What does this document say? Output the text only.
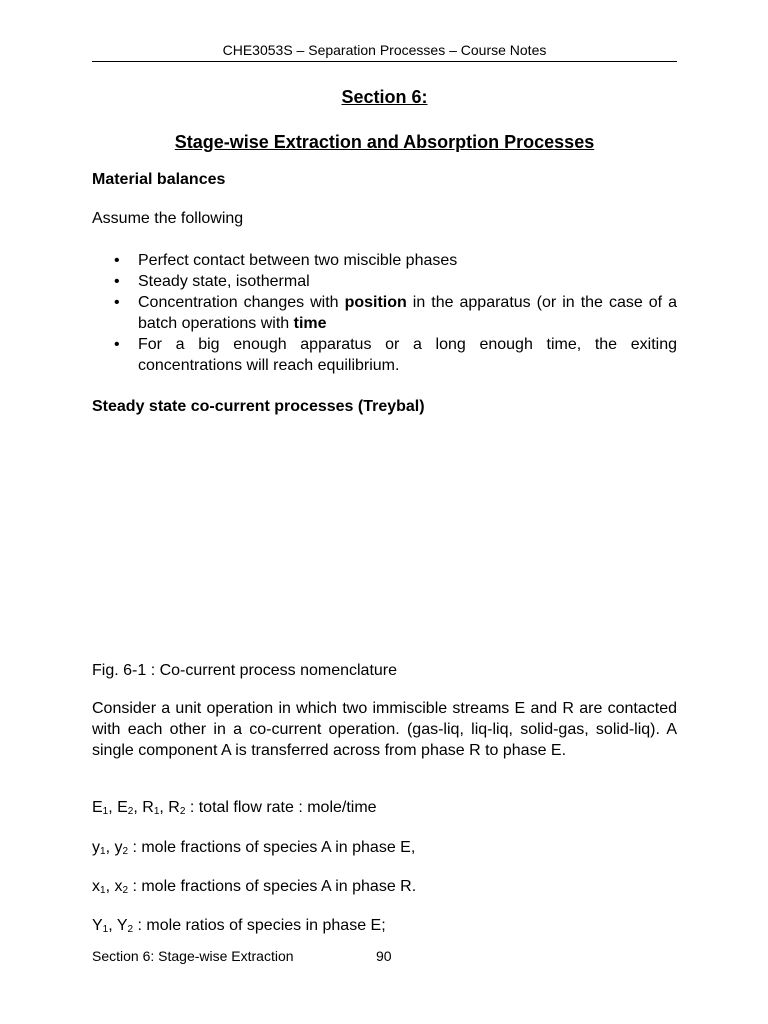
CHE3053S – Separation Processes – Course Notes
Section 6:
Stage-wise Extraction and Absorption Processes
Material balances
Assume the following
• Perfect contact between two miscible phases
• Steady state, isothermal
• Concentration changes with position in the apparatus (or in the case of a batch operations with time
• For a big enough apparatus or a long enough time, the exiting concentrations will reach equilibrium.
Steady state co-current processes (Treybal)
Fig. 6-1 : Co-current process nomenclature
Consider a unit operation in which two immiscible streams E and R are contacted with each other in a co-current operation. (gas-liq, liq-liq, solid-gas, solid-liq). A single component A is transferred across from phase R to phase E.
$E_1$, $E_2$, $R_1$, $R_2$ : total flow rate : mole/time
$y_1$, $y_2$ : mole fractions of species A in phase E,
$x_1$, $x_2$ : mole fractions of species A in phase R.
$Y_1$, $Y_2$ : mole ratios of species in phase E;
Section 6: Stage-wise Extraction	90
